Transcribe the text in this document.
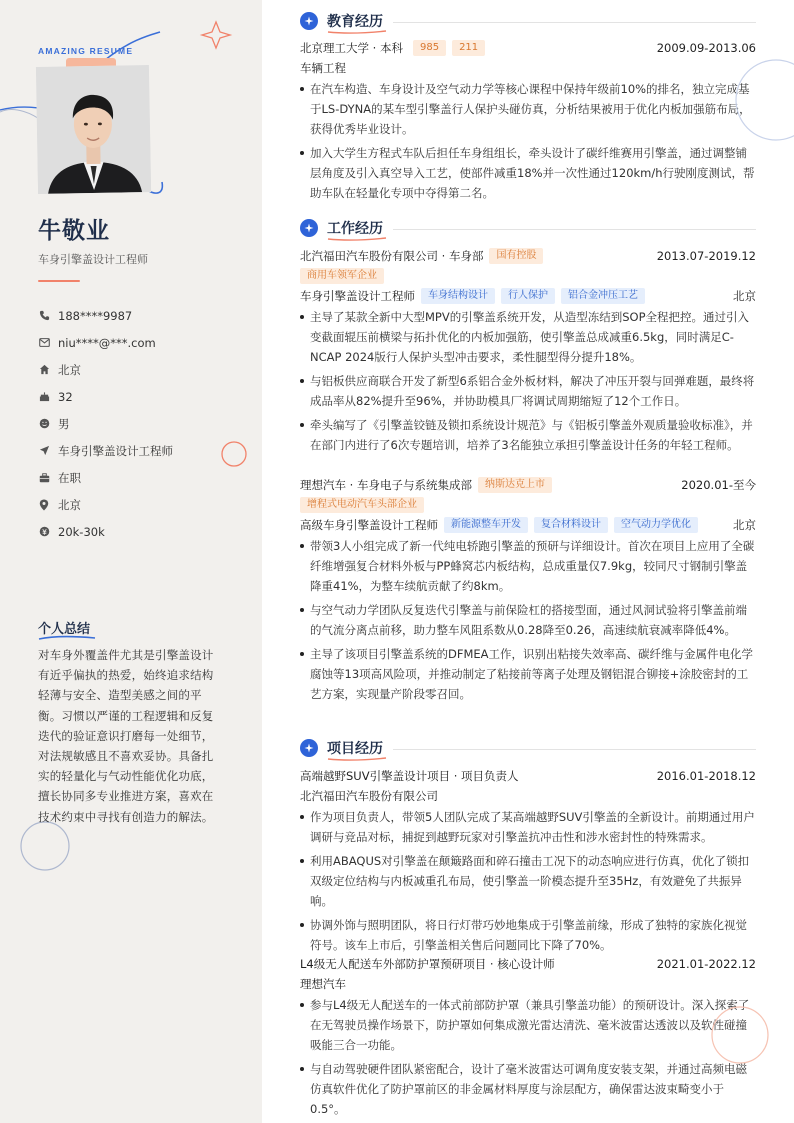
AMAZING RESUME
牛敬业
车身引擎盖设计工程师
188****9987
niu****@***.com
北京
32
男
车身引擎盖设计工程师
在职
北京
20k-30k
个人总结
对车身外覆盖件尤其是引擎盖设计有近乎偏执的热爱，始终追求结构轻薄与安全、造型美感之间的平衡。习惯以严谨的工程逻辑和反复迭代的验证意识打磨每一处细节，对法规敏感且不喜欢妥协。具备扎实的轻量化与气动性能优化功底，擅长协同多专业推进方案，喜欢在技术约束中寻找有创造力的解法。
教育经历
北京理工大学 · 本科	985	211	2009.09-2013.06
车辆工程
在汽车构造、车身设计及空气动力学等核心课程中保持年级前10%的排名，独立完成基于LS-DYNA的某车型引擎盖行人保护头碰仿真，分析结果被用于优化内板加强筋布局，获得优秀毕业设计。
加入大学生方程式车队后担任车身组组长，牵头设计了碳纤维赛用引擎盖，通过调整铺层角度及引入真空导入工艺，使部件减重18%并一次性通过120km/h行驶刚度测试，帮助车队在轻量化专项中夺得第二名。
工作经历
北汽福田汽车股份有限公司 · 车身部	国有控股	2013.07-2019.12
商用车领军企业
车身引擎盖设计工程师	车身结构设计	行人保护	铝合金冲压工艺	北京
主导了某款全新中大型MPV的引擎盖系统开发，从造型冻结到SOP全程把控。通过引入变截面辊压前横梁与拓扑优化的内板加强筋，使引擎盖总成减重6.5kg，同时满足C-NCAP 2024版行人保护头型冲击要求，柔性腿型得分提升18%。
与铝板供应商联合开发了新型6系铝合金外板材料，解决了冲压开裂与回弹难题，最终将成品率从82%提升至96%，并协助模具厂将调试周期缩短了12个工作日。
牵头编写了《引擎盖铰链及锁扣系统设计规范》与《铝板引擎盖外观质量验收标准》，并在部门内进行了6次专题培训，培养了3名能独立承担引擎盖设计任务的年轻工程师。
理想汽车 · 车身电子与系统集成部	纳斯达克上市	2020.01-至今
增程式电动汽车头部企业
高级车身引擎盖设计工程师	新能源整车开发	复合材料设计	空气动力学优化	北京
带领3人小组完成了新一代纯电轿跑引擎盖的预研与详细设计。首次在项目上应用了全碳纤维增强复合材料外板与PP蜂窝芯内板结构，总成重量仅7.9kg，较同尺寸钢制引擎盖降重41%，为整车续航贡献了约8km。
与空气动力学团队反复迭代引擎盖与前保险杠的搭接型面，通过风洞试验将引擎盖前端的气流分离点前移，助力整车风阻系数从0.28降至0.26，高速续航衰减率降低4%。
主导了该项目引擎盖系统的DFMEA工作，识别出粘接失效率高、碳纤维与金属件电化学腐蚀等13项高风险项，并推动制定了粘接前等离子处理及钢铝混合铆接+涂胶密封的工艺方案，实现量产阶段零召回。
项目经历
高端越野SUV引擎盖设计项目 · 项目负责人	2016.01-2018.12
北汽福田汽车股份有限公司
作为项目负责人，带领5人团队完成了某高端越野SUV引擎盖的全新设计。前期通过用户调研与竞品对标，捕捉到越野玩家对引擎盖抗冲击性和涉水密封性的特殊需求。
利用ABAQUS对引擎盖在颠簸路面和碎石撞击工况下的动态响应进行仿真，优化了锁扣双级定位结构与内板减重孔布局，使引擎盖一阶模态提升至35Hz，有效避免了共振异响。
协调外饰与照明团队，将日行灯带巧妙地集成于引擎盖前缘，形成了独特的家族化视觉符号。该车上市后，引擎盖相关售后问题同比下降了70%。
L4级无人配送车外部防护罩预研项目 · 核心设计师	2021.01-2022.12
理想汽车
参与L4级无人配送车的一体式前部防护罩（兼具引擎盖功能）的预研设计。深入探索了在无驾驶员操作场景下，防护罩如何集成激光雷达清洗、毫米波雷达透波以及软性碰撞吸能三合一功能。
与自动驾驶硬件团队紧密配合，设计了毫米波雷达可调角度安装支架，并通过高频电磁仿真软件优化了防护罩前区的非金属材料厚度与涂层配方，确保雷达波束畸变小于0.5°。
